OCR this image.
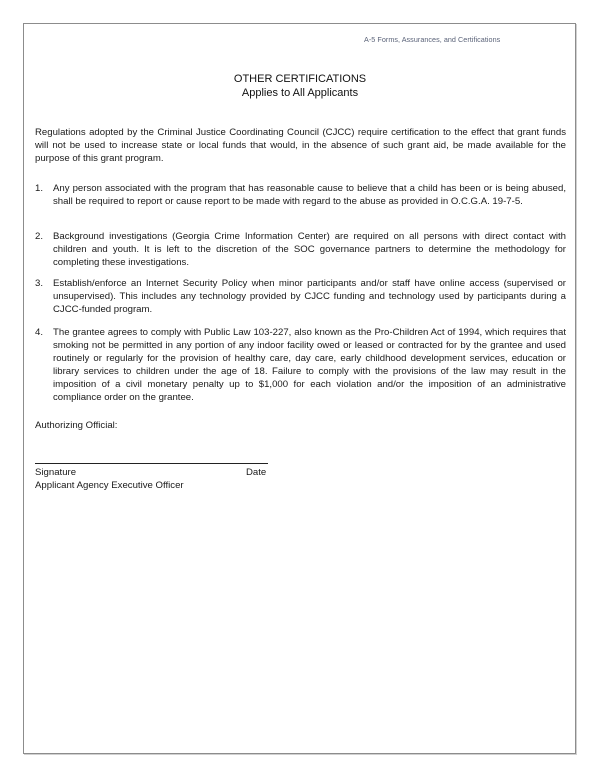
A-5 Forms, Assurances, and Certifications
OTHER CERTIFICATIONS
Applies to All Applicants

Regulations adopted by the Criminal Justice Coordinating Council (CJCC) require certification to the effect that grant funds will not be used to increase state or local funds that would, in the absence of such grant aid, be made available for the purpose of this grant program.

1.	Any person associated with the program that has reasonable cause to believe that a child has been or is being abused, shall be required to report or cause report to be made with regard to the abuse as provided in O.C.G.A. 19-7-5.
2.	Background investigations (Georgia Crime Information Center) are required on all persons with direct contact with children and youth. It is left to the discretion of the SOC governance partners to determine the methodology for completing these investigations.
3.	Establish/enforce an Internet Security Policy when minor participants and/or staff have online access (supervised or unsupervised). This includes any technology provided by CJCC funding and technology used by participants during a CJCC-funded program.
4.	The grantee agrees to comply with Public Law 103-227, also known as the Pro-Children Act of 1994, which requires that smoking not be permitted in any portion of any indoor facility owed or leased or contracted for by the grantee and used routinely or regularly for the provision of healthy care, day care, early childhood development services, education or library services to children under the age of 18. Failure to comply with the provisions of the law may result in the imposition of a civil monetary penalty up to $1,000 for each violation and/or the imposition of an administrative compliance order on the grantee.
Authorizing Official:
Signature	Date
Applicant Agency Executive Officer
